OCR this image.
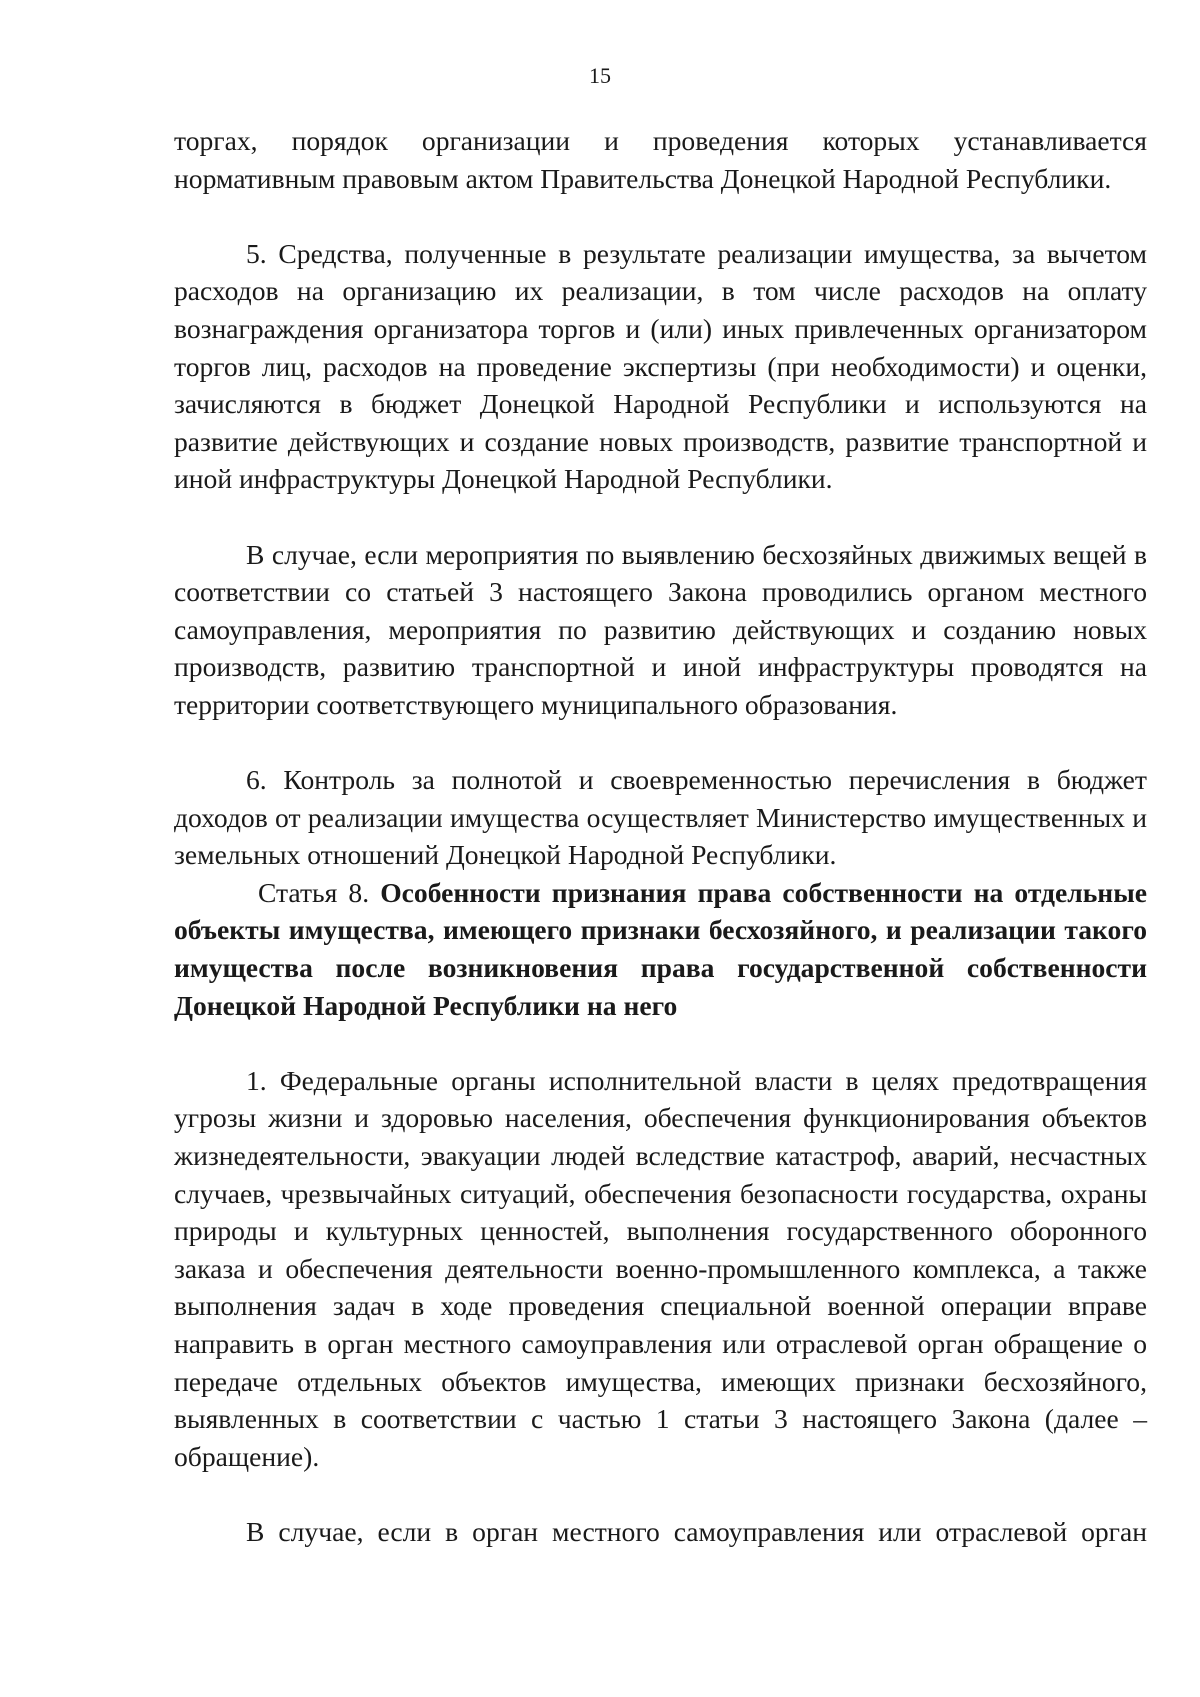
15

торгах, порядок организации и проведения которых устанавливается нормативным правовым актом Правительства Донецкой Народной Республики.

5. Средства, полученные в результате реализации имущества, за вычетом расходов на организацию их реализации, в том числе расходов на оплату вознаграждения организатора торгов и (или) иных привлеченных организатором торгов лиц, расходов на проведение экспертизы (при необходимости) и оценки, зачисляются в бюджет Донецкой Народной Республики и используются на развитие действующих и создание новых производств, развитие транспортной и иной инфраструктуры Донецкой Народной Республики.

В случае, если мероприятия по выявлению бесхозяйных движимых вещей в соответствии со статьей 3 настоящего Закона проводились органом местного самоуправления, мероприятия по развитию действующих и созданию новых производств, развитию транспортной и иной инфраструктуры проводятся на территории соответствующего муниципального образования.

6. Контроль за полнотой и своевременностью перечисления в бюджет доходов от реализации имущества осуществляет Министерство имущественных и земельных отношений Донецкой Народной Республики.

Статья 8. Особенности признания права собственности на отдельные объекты имущества, имеющего признаки бесхозяйного, и реализации такого имущества после возникновения права государственной собственности Донецкой Народной Республики на него

1. Федеральные органы исполнительной власти в целях предотвращения угрозы жизни и здоровью населения, обеспечения функционирования объектов жизнедеятельности, эвакуации людей вследствие катастроф, аварий, несчастных случаев, чрезвычайных ситуаций, обеспечения безопасности государства, охраны природы и культурных ценностей, выполнения государственного оборонного заказа и обеспечения деятельности военно-промышленного комплекса, а также выполнения задач в ходе проведения специальной военной операции вправе направить в орган местного самоуправления или отраслевой орган обращение о передаче отдельных объектов имущества, имеющих признаки бесхозяйного, выявленных в соответствии с частью 1 статьи 3 настоящего Закона (далее – обращение).

В случае, если в орган местного самоуправления или отраслевой орган
